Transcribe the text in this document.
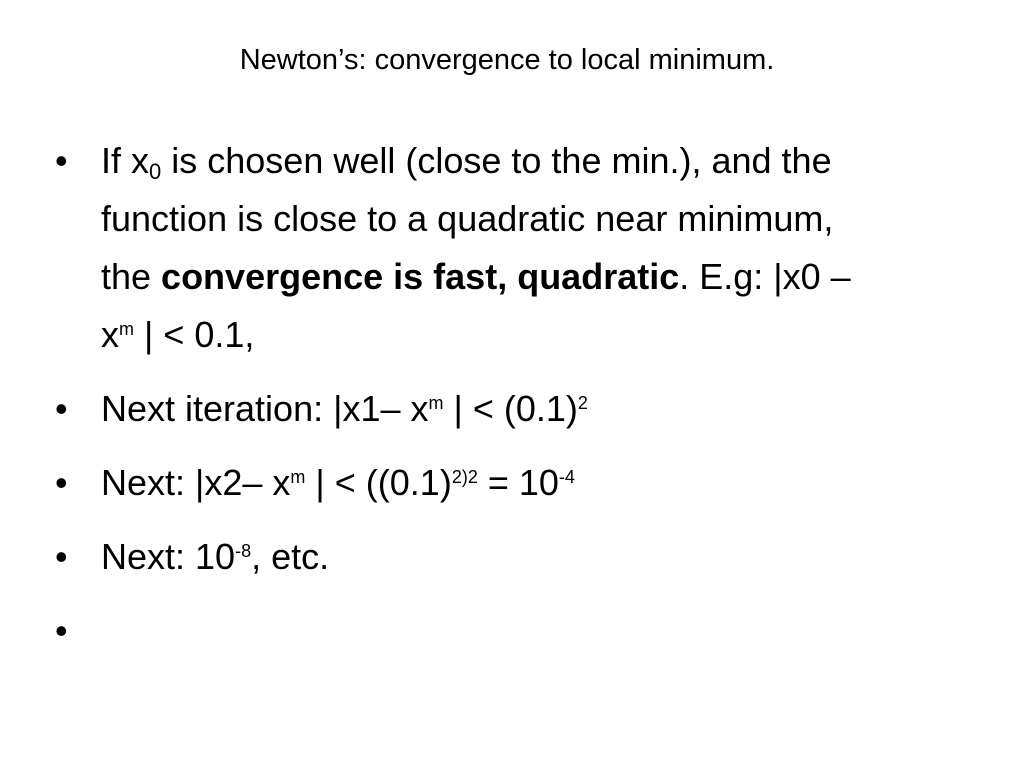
Newton’s: convergence to local minimum.
• If $x_0$ is chosen well (close to the min.), and the
function is close to a quadratic near minimum,
the convergence is fast, quadratic. E.g: |x0 –
$x^m$ | < 0.1,
• Next iteration: |x1– $x^m$ | < $(0.1)^2$
• Next: |x2– $x^m$ | < ($(0.1)^{2)2} = 10^{-4}$
• Next: $10^{-8}$, etc.
•
